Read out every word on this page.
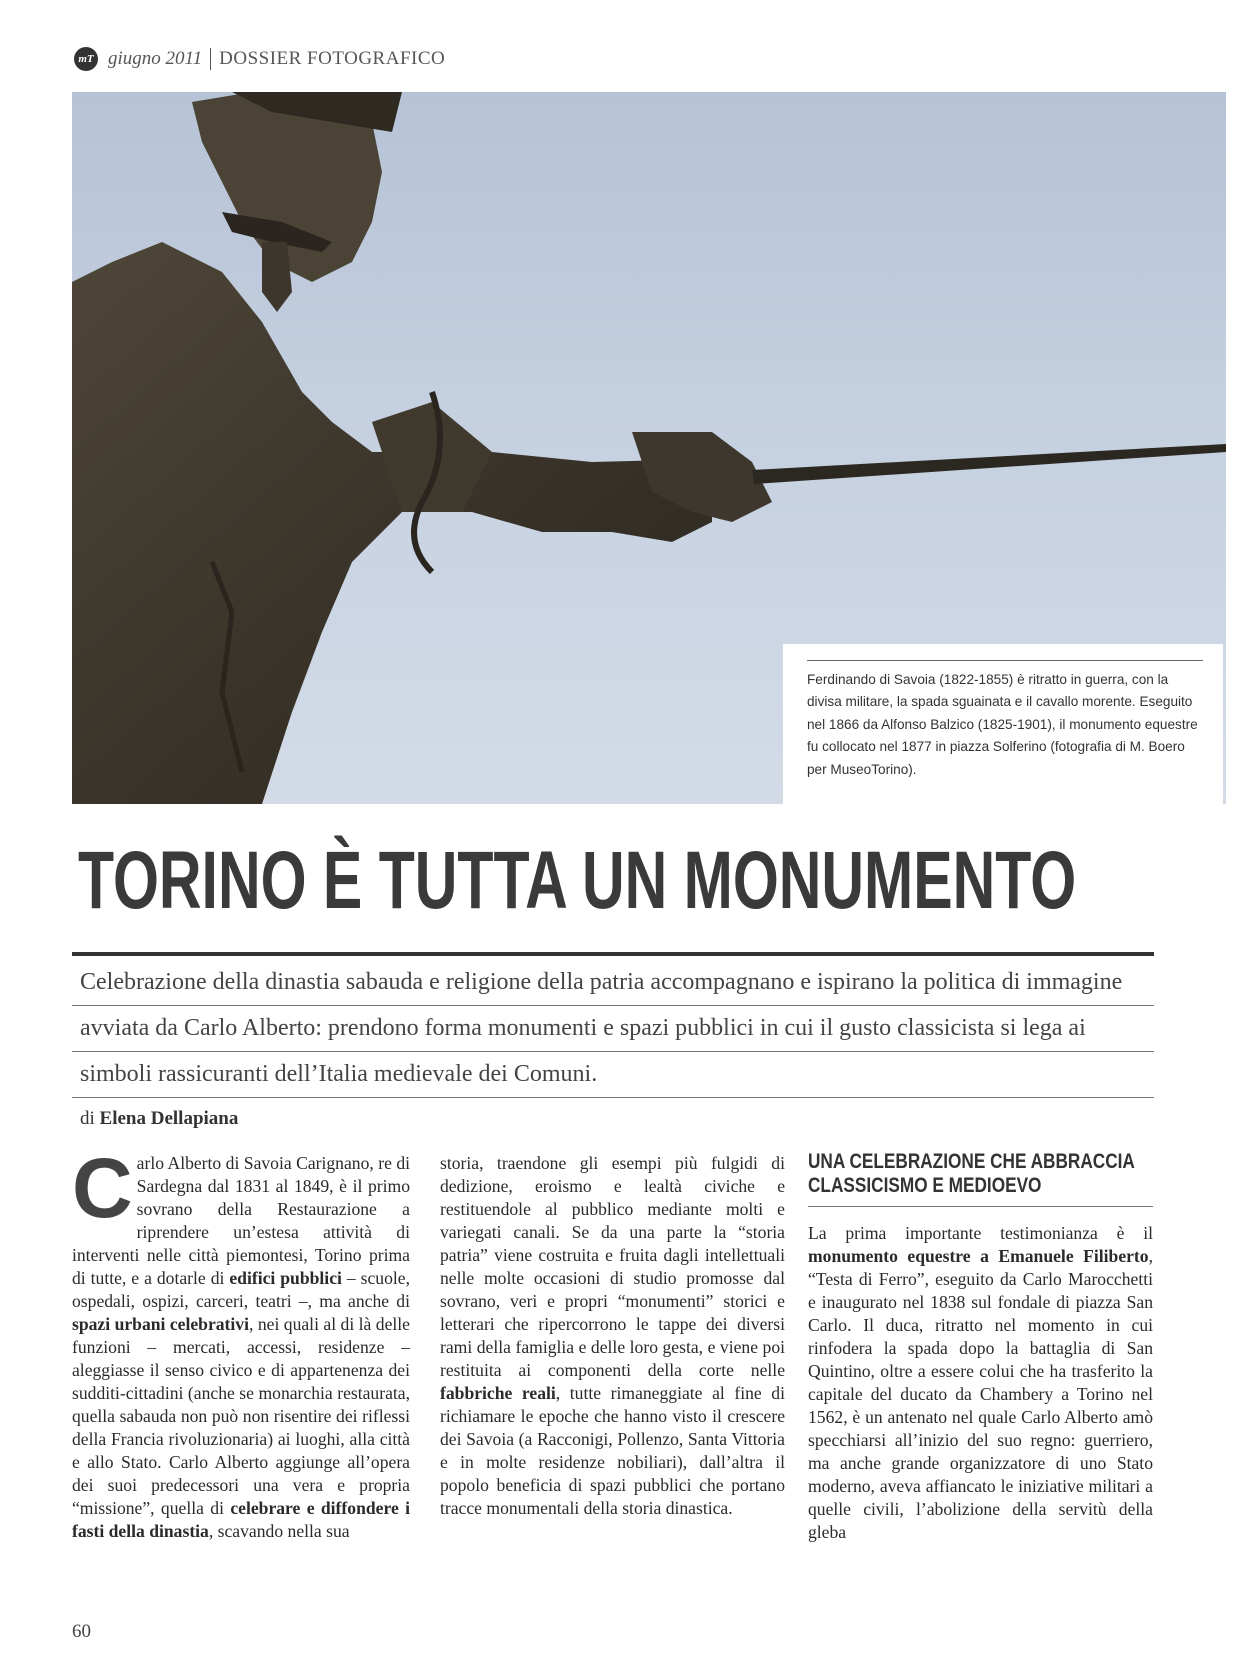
mT giugno 2011 DOSSIER FOTOGRAFICO

Ferdinando di Savoia (1822-1855) è ritratto in guerra, con la divisa militare, la spada sguainata e il cavallo morente. Eseguito nel 1866 da Alfonso Balzico (1825-1901), il monumento equestre fu collocato nel 1877 in piazza Solferino (fotografia di M. Boero per MuseoTorino).

TORINO È TUTTA UN MONUMENTO
Celebrazione della dinastia sabauda e religione della patria accompagnano e ispirano la politica di immagine
avviata da Carlo Alberto: prendono forma monumenti e spazi pubblici in cui il gusto classicista si lega ai
simboli rassicuranti dell’Italia medievale dei Comuni.
di Elena Dellapiana

Carlo Alberto di Savoia Carignano, re di Sardegna dal 1831 al 1849, è il primo sovrano della Restaurazione a riprendere un’estesa attività di interventi nelle città piemontesi, Torino prima di tutte, e a dotarle di edifici pubblici – scuole, ospedali, ospizi, carceri, teatri –, ma anche di spazi urbani celebrativi, nei quali al di là delle funzioni – mercati, accessi, residenze – aleggiasse il senso civico e di appartenenza dei sudditi-cittadini (anche se monarchia restaurata, quella sabauda non può non risentire dei riflessi della Francia rivoluzionaria) ai luoghi, alla città e allo Stato. Carlo Alberto aggiunge all’opera dei suoi predecessori una vera e propria “missione”, quella di celebrare e diffondere i fasti della dinastia, scavando nella sua

storia, traendone gli esempi più fulgidi di dedizione, eroismo e lealtà civiche e restituendole al pubblico mediante molti e variegati canali. Se da una parte la “storia patria” viene costruita e fruita dagli intellettuali nelle molte occasioni di studio promosse dal sovrano, veri e propri “monumenti” storici e letterari che ripercorrono le tappe dei diversi rami della famiglia e delle loro gesta, e viene poi restituita ai componenti della corte nelle fabbriche reali, tutte rimaneggiate al fine di richiamare le epoche che hanno visto il crescere dei Savoia (a Racconigi, Pollenzo, Santa Vittoria e in molte residenze nobiliari), dall’altra il popolo beneficia di spazi pubblici che portano tracce monumentali della storia dinastica.

UNA CELEBRAZIONE CHE ABBRACCIA
CLASSICISMO E MEDIOEVO

La prima importante testimonianza è il monumento equestre a Emanuele Filiberto, “Testa di Ferro”, eseguito da Carlo Marocchetti e inaugurato nel 1838 sul fondale di piazza San Carlo. Il duca, ritratto nel momento in cui rinfodera la spada dopo la battaglia di San Quintino, oltre a essere colui che ha trasferito la capitale del ducato da Chambery a Torino nel 1562, è un antenato nel quale Carlo Alberto amò specchiarsi all’inizio del suo regno: guerriero, ma anche grande organizzatore di uno Stato moderno, aveva affiancato le iniziative militari a quelle civili, l’abolizione della servitù della gleba

60
